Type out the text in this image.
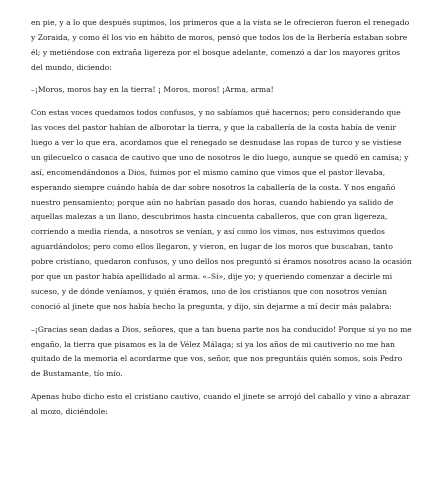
en pie, y a lo que después supimos, los primeros que a la vista se le ofrecieron fueron el renegado y Zoraida, y como él los vio en hábito de moros, pensó que todos los de la Berbería estaban sobre él; y metiéndose con extraña ligereza por el bosque adelante, comenzó a dar los mayores gritos del mundo, diciendo:

–¡Moros, moros hay en la tierra! ¡ Moros, moros! ¡Arma, arma!

Con estas voces quedamos todos confusos, y no sabíamos qué hacernos; pero considerando que las voces del pastor habían de alborotar la tierra, y que la caballería de la costa había de venir luego a ver lo que era, acordamos que el renegado se desnudase las ropas de turco y se vistiese un gilecuelco o casaca de cautivo que uno de nosotros le dio luego, aunque se quedó en camisa; y así, encomendándonos a Dios, fuimos por el mismo camino que vimos que el pastor llevaba, esperando siempre cuándo había de dar sobre nosotros la caballería de la costa. Y nos engañó nuestro pensamiento; porque aún no habrían pasado dos horas, cuando habiendo ya salido de aquellas malezas a un llano, descubrimos hasta cincuenta caballeros, que con gran ligereza, corriendo a media rienda, a nosotros se venían, y así como los vimos, nos estuvimos quedos aguardándolos; pero como ellos llegaron, y vieron, en lugar de los moros que buscaban, tanto pobre cristiano, quedaron confusos, y uno dellos nos preguntó si éramos nosotros acaso la ocasión por que un pastor había apellidado al arma. «–Sí», dije yo; y queriendo comenzar a decirle mi suceso, y de dónde veníamos, y quién éramos, uno de los cristianos que con nosotros venían conoció al jinete que nos había hecho la pregunta, y dijo, sin dejarme a mí decir más palabra:

–¡Gracias sean dadas a Dios, señores, que a tan buena parte nos ha conducido! Porque si yo no me engaño, la tierra que pisamos es la de Vélez Málaga; si ya los años de mi cautiverio no me han quitado de la memoria el acordarme que vos, señor, que nos preguntáis quién somos, sois Pedro de Bustamante, tío mío.

Apenas hubo dicho esto el cristiano cautivo, cuando el jinete se arrojó del caballo y vino a abrazar al mozo, diciéndole:
